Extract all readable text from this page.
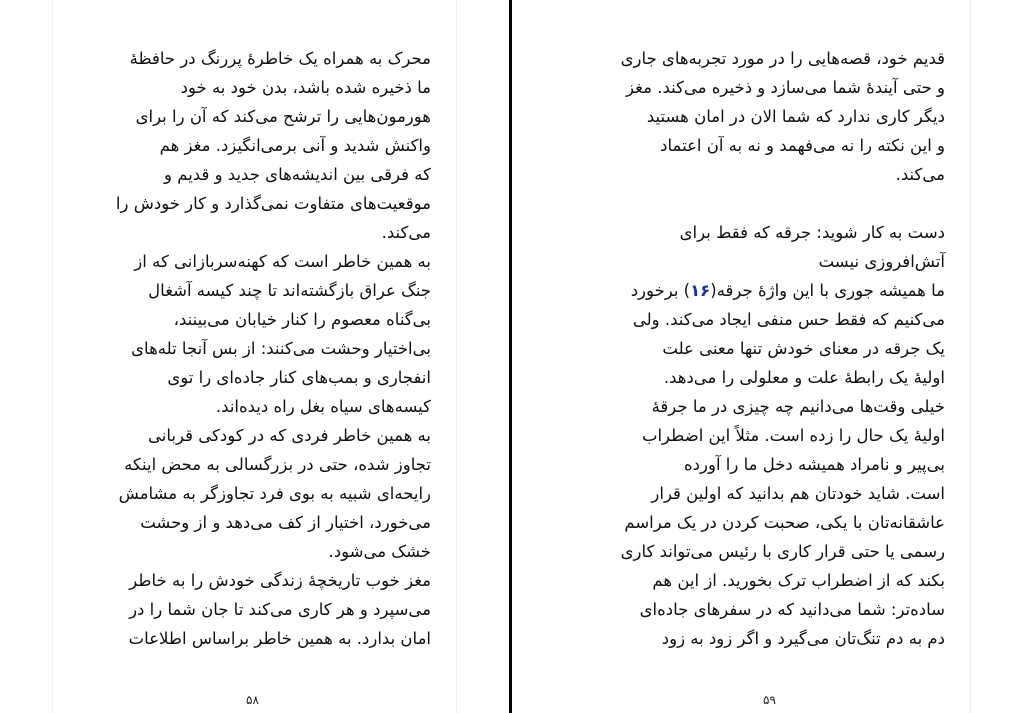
محرک به همراه یک خاطرهٔ پررنگ در حافظهٔ
ما ذخیره شده باشد، بدن خود به خود
هورمون‌هایی را ترشح می‌کند که آن را برای
واکنش شدید و آنی برمی‌انگیزد. مغز هم
که فرقی بین اندیشه‌های جدید و قدیم و
موقعیت‌های متفاوت نمی‌گذارد و کار خودش را
می‌کند.
به همین خاطر است که کهنه‌سربازانی که از
جنگ عراق بازگشته‌اند تا چند کیسه آشغال
بی‌گناه معصوم را کنار خیابان می‌بینند،
بی‌اختیار وحشت می‌کنند: از بس آنجا تله‌های
انفجاری و بمب‌های کنار جاده‌ای را توی
کیسه‌های سیاه بغل راه دیده‌اند.
به همین خاطر فردی که در کودکی قربانی
تجاوز شده، حتی در بزرگسالی به محض اینکه
رایحه‌ای شبیه به بوی فرد تجاوزگر به مشامش
می‌خورد، اختیار از کف می‌دهد و از وحشت
خشک می‌شود.
مغز خوب تاریخچهٔ زندگی خودش را به خاطر
می‌سپرد و هر کاری می‌کند تا جان شما را در
امان بدارد. به همین خاطر براساس اطلاعات
۵۸
قدیم خود، قصه‌هایی را در مورد تجربه‌های جاری
و حتی آیندهٔ شما می‌سازد و ذخیره می‌کند. مغز
دیگر کاری ندارد که شما الان در امان هستید
و این نکته را نه می‌فهمد و نه به آن اعتماد
می‌کند.
دست به کار شوید: جرقه که فقط برای
آتش‌افروزی نیست
ما همیشه جوری با این واژهٔ جرقه(۱۶) برخورد
می‌کنیم که فقط حس منفی ایجاد می‌کند. ولی
یک جرقه در معنای خودش تنها معنی علت
اولیهٔ یک رابطهٔ علت و معلولی را می‌دهد.
خیلی وقت‌ها می‌دانیم چه چیزی در ما جرقهٔ
اولیهٔ یک حال را زده است. مثلاً این اضطراب
بی‌پیر و نامراد همیشه دخل ما را آورده
است. شاید خودتان هم بدانید که اولین قرار
عاشقانه‌تان با یکی، صحبت کردن در یک مراسم
رسمی یا حتی قرار کاری با رئیس می‌تواند کاری
بکند که از اضطراب ترک بخورید. از این هم
ساده‌تر: شما می‌دانید که در سفرهای جاده‌ای
دم به دم تنگ‌تان می‌گیرد و اگر زود به زود
۵۹
